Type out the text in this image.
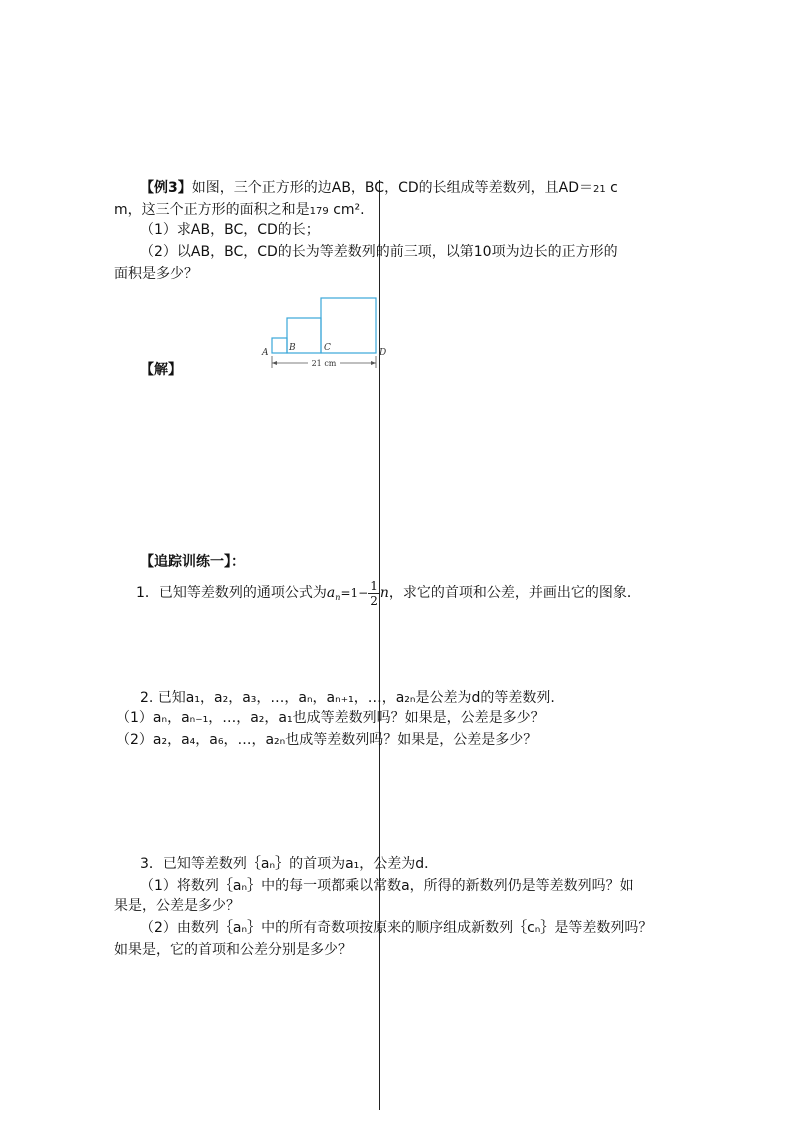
【例3】如图，三个正方形的边AB，BC，CD的长组成等差数列，且AD＝21 c
m，这三个正方形的面积之和是179 cm².
（1）求AB，BC，CD的长；
（2）以AB，BC，CD的长为等差数列的前三项，以第10项为边长的正方形的
面积是多少？
A B	C	D
21 cm
【解】
【追踪训练一】：
1．已知等差数列的通项公式为$a_n=1- \frac{1}{2}$ n，求它的首项和公差，并画出它的图象．
2. 已知a₁，a₂，a₃，…，aₙ，aₙ₊₁，…，a₂ₙ是公差为d的等差数列.
（1）aₙ，aₙ₋₁，…，a₂，a₁也成等差数列吗？如果是，公差是多少？
（2）a₂，a₄，a₆，…，a₂ₙ也成等差数列吗？如果是，公差是多少？
3．已知等差数列｛aₙ｝的首项为a₁，公差为d．
（1）将数列｛aₙ｝中的每一项都乘以常数a，所得的新数列仍是等差数列吗？如
果是，公差是多少？
（2）由数列｛aₙ｝中的所有奇数项按原来的顺序组成新数列｛cₙ｝是等差数列吗？
如果是，它的首项和公差分别是多少？
